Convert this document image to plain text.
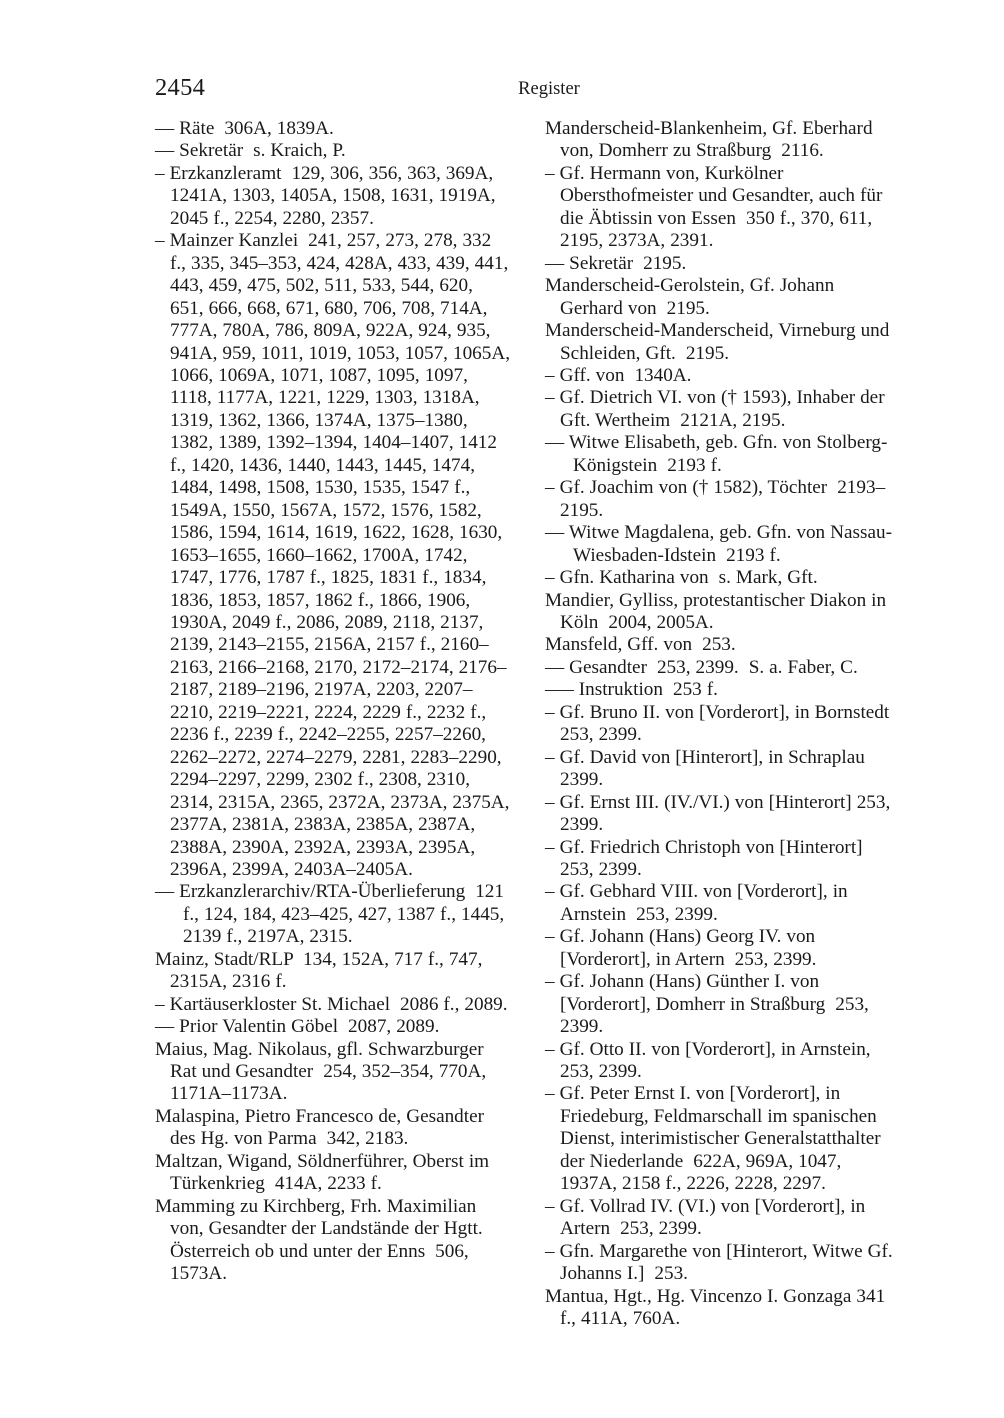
2454	Register
–– Räte  306A, 1839A.
–– Sekretär  s. Kraich, P.
– Erzkanzleramt  129, 306, 356, 363, 369A, 1241A, 1303, 1405A, 1508, 1631, 1919A, 2045 f., 2254, 2280, 2357.
– Mainzer Kanzlei  241, 257, 273, 278, 332 f., 335, 345–353, 424, 428A, 433, 439, 441, 443, 459, 475, 502, 511, 533, 544, 620, 651, 666, 668, 671, 680, 706, 708, 714A, 777A, 780A, 786, 809A, 922A, 924, 935, 941A, 959, 1011, 1019, 1053, 1057, 1065A, 1066, 1069A, 1071, 1087, 1095, 1097, 1118, 1177A, 1221, 1229, 1303, 1318A, 1319, 1362, 1366, 1374A, 1375–1380, 1382, 1389, 1392–1394, 1404–1407, 1412 f., 1420, 1436, 1440, 1443, 1445, 1474, 1484, 1498, 1508, 1530, 1535, 1547 f., 1549A, 1550, 1567A, 1572, 1576, 1582, 1586, 1594, 1614, 1619, 1622, 1628, 1630, 1653–1655, 1660–1662, 1700A, 1742, 1747, 1776, 1787 f., 1825, 1831 f., 1834, 1836, 1853, 1857, 1862 f., 1866, 1906, 1930A, 2049 f., 2086, 2089, 2118, 2137, 2139, 2143–2155, 2156A, 2157 f., 2160–2163, 2166–2168, 2170, 2172–2174, 2176–2187, 2189–2196, 2197A, 2203, 2207–2210, 2219–2221, 2224, 2229 f., 2232 f., 2236 f., 2239 f., 2242–2255, 2257–2260, 2262–2272, 2274–2279, 2281, 2283–2290, 2294–2297, 2299, 2302 f., 2308, 2310, 2314, 2315A, 2365, 2372A, 2373A, 2375A, 2377A, 2381A, 2383A, 2385A, 2387A, 2388A, 2390A, 2392A, 2393A, 2395A, 2396A, 2399A, 2403A–2405A.
–– Erzkanzlerarchiv/RTA-Überlieferung  121 f., 124, 184, 423–425, 427, 1387 f., 1445, 2139 f., 2197A, 2315.
Mainz, Stadt/RLP  134, 152A, 717 f., 747, 2315A, 2316 f.
– Kartäuserkloster St. Michael  2086 f., 2089.
–– Prior Valentin Göbel  2087, 2089.
Maius, Mag. Nikolaus, gfl. Schwarzburger Rat und Gesandter  254, 352–354, 770A, 1171A–1173A.
Malaspina, Pietro Francesco de, Gesandter des Hg. von Parma  342, 2183.
Maltzan, Wigand, Söldnerführer, Oberst im Türkenkrieg  414A, 2233 f.
Mamming zu Kirchberg, Frh. Maximilian von, Gesandter der Landstände der Hgtt. Österreich ob und unter der Enns  506, 1573A.
Manderscheid-Blankenheim, Gf. Eberhard von, Domherr zu Straßburg  2116.
– Gf. Hermann von, Kurkölner Obersthofmeister und Gesandter, auch für die Äbtissin von Essen  350 f., 370, 611, 2195, 2373A, 2391.
–– Sekretär  2195.
Manderscheid-Gerolstein, Gf. Johann Gerhard von  2195.
Manderscheid-Manderscheid, Virneburg und Schleiden, Gft.  2195.
– Gff. von  1340A.
– Gf. Dietrich VI. von († 1593), Inhaber der Gft. Wertheim  2121A, 2195.
–– Witwe Elisabeth, geb. Gfn. von Stolberg-Königstein  2193 f.
– Gf. Joachim von († 1582), Töchter  2193–2195.
–– Witwe Magdalena, geb. Gfn. von Nassau-Wiesbaden-Idstein  2193 f.
– Gfn. Katharina von  s. Mark, Gft.
Mandier, Gylliss, protestantischer Diakon in Köln  2004, 2005A.
Mansfeld, Gff. von  253.
–– Gesandter  253, 2399.  S. a. Faber, C.
––– Instruktion  253 f.
– Gf. Bruno II. von [Vorderort], in Bornstedt 253, 2399.
– Gf. David von [Hinterort], in Schraplau 2399.
– Gf. Ernst III. (IV./VI.) von [Hinterort] 253, 2399.
– Gf. Friedrich Christoph von [Hinterort] 253, 2399.
– Gf. Gebhard VIII. von [Vorderort], in Arnstein  253, 2399.
– Gf. Johann (Hans) Georg IV. von [Vorderort], in Artern  253, 2399.
– Gf. Johann (Hans) Günther I. von [Vorderort], Domherr in Straßburg  253, 2399.
– Gf. Otto II. von [Vorderort], in Arnstein, 253, 2399.
– Gf. Peter Ernst I. von [Vorderort], in Friedeburg, Feldmarschall im spanischen Dienst, interimistischer Generalstatthalter der Niederlande  622A, 969A, 1047, 1937A, 2158 f., 2226, 2228, 2297.
– Gf. Vollrad IV. (VI.) von [Vorderort], in Artern  253, 2399.
– Gfn. Margarethe von [Hinterort, Witwe Gf. Johanns I.]  253.
Mantua, Hgt., Hg. Vincenzo I. Gonzaga 341 f., 411A, 760A.
